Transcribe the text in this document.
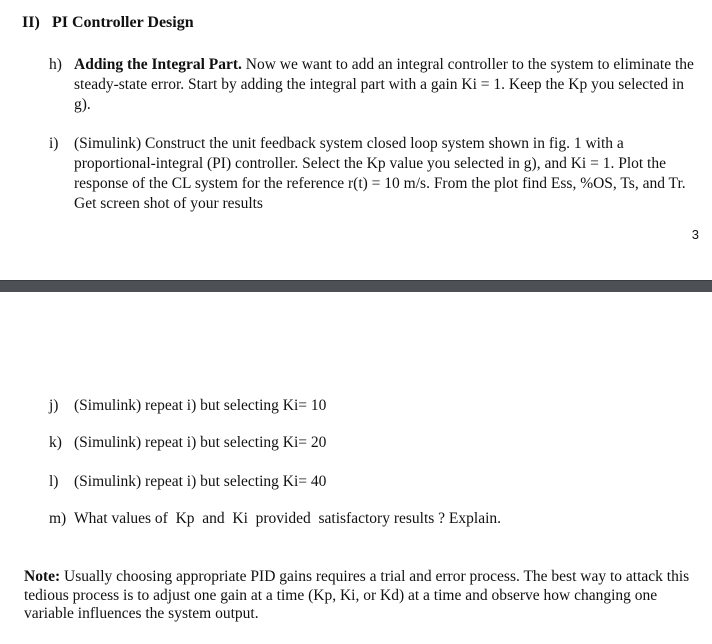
II) PI Controller Design
h) Adding the Integral Part. Now we want to add an integral controller to the system to eliminate the steady-state error. Start by adding the integral part with a gain Ki = 1. Keep the Kp you selected in g).
i) (Simulink) Construct the unit feedback system closed loop system shown in fig. 1 with a proportional-integral (PI) controller. Select the Kp value you selected in g), and Ki = 1. Plot the response of the CL system for the reference r(t) = 10 m/s. From the plot find Ess, %OS, Ts, and Tr. Get screen shot of your results
3
j) (Simulink) repeat i) but selecting Ki= 10
k) (Simulink) repeat i) but selecting Ki= 20
l) (Simulink) repeat i) but selecting Ki= 40
m) What values of  Kp  and  Ki  provided  satisfactory results ? Explain.
Note: Usually choosing appropriate PID gains requires a trial and error process. The best way to attack this tedious process is to adjust one gain at a time (Kp, Ki, or Kd) at a time and observe how changing one variable influences the system output.
